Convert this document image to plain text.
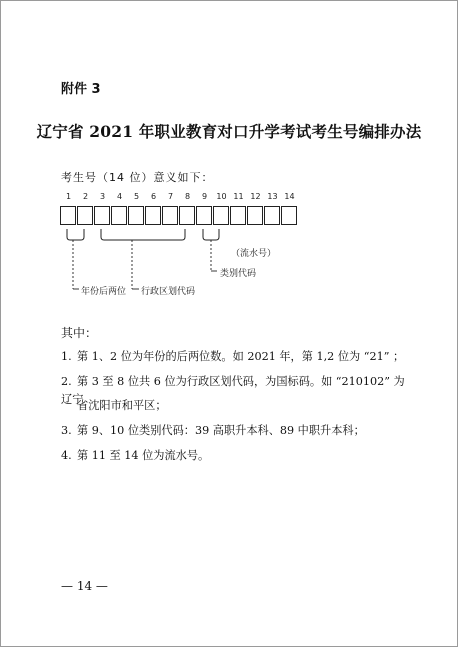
附件 3
辽宁省 2021 年职业教育对口升学考试考生号编排办法
考生号（14 位）意义如下：
1	2	3	4	5	6	7	8	9	10 11 12 13 14
（流水号）
类别代码
行政区划代码
年份后两位
其中：
1. 第 1、2 位为年份的后两位数。如 2021 年，第 1,2 位为 “21” ；
2. 第 3 至 8 位共 6 位为行政区划代码，为国标码。如 “210102” 为辽宁
省沈阳市和平区；
3. 第 9、10 位类别代码：39 高职升本科、89 中职升本科；
4. 第 11 至 14 位为流水号。
— 14 —
